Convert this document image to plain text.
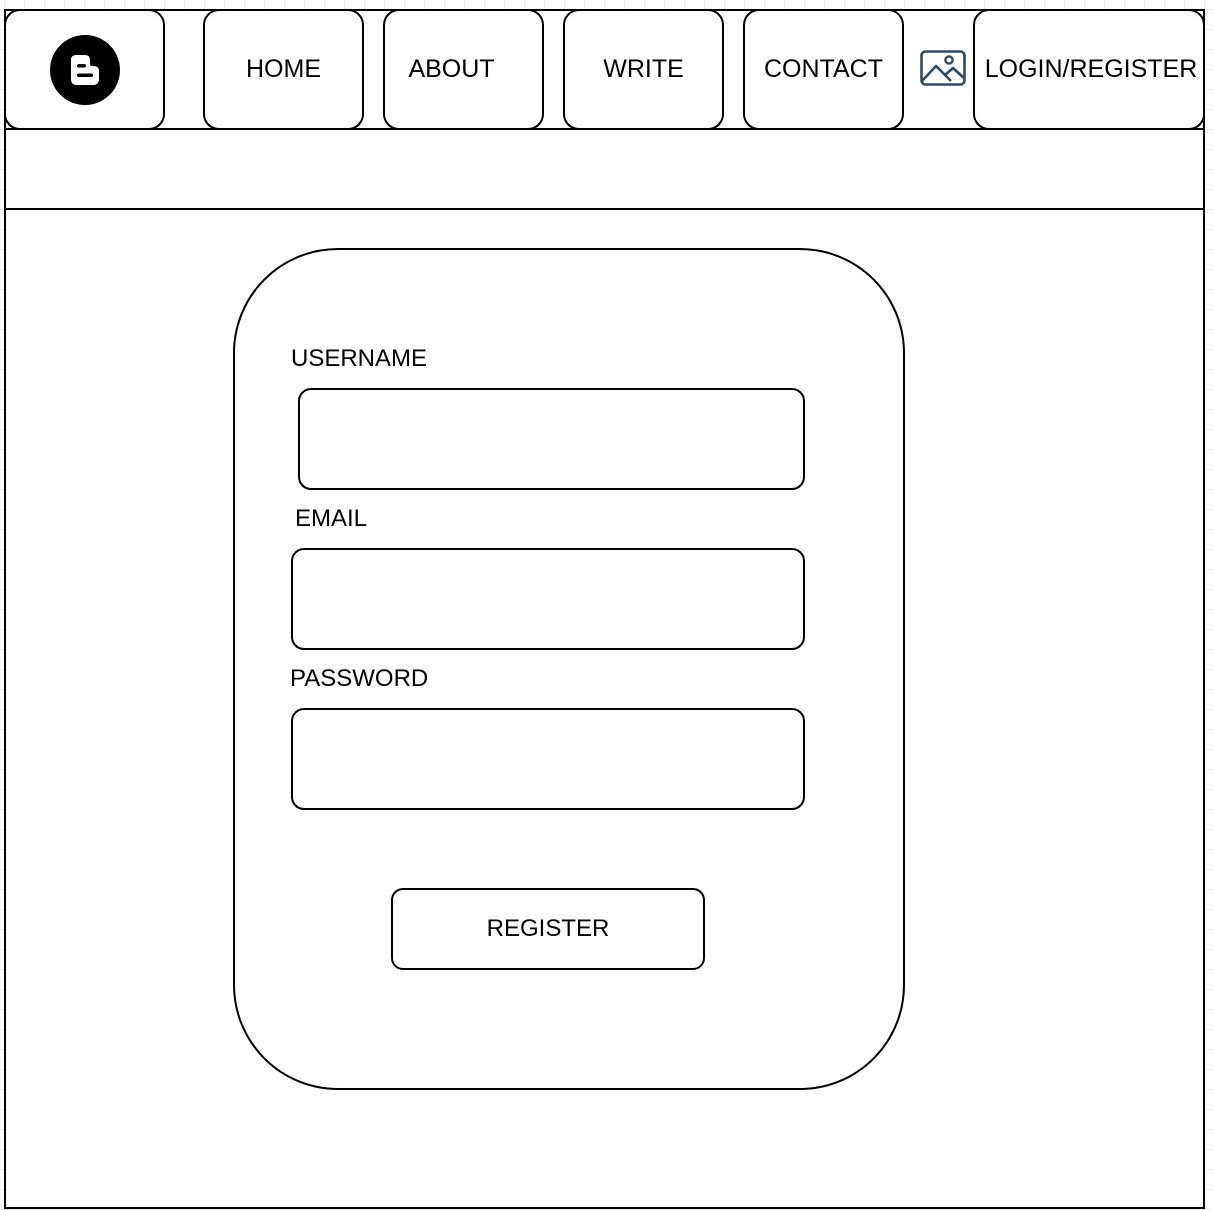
HOME	ABOUT	WRITE	CONTACT	LOGIN/REGISTER
USERNAME
EMAIL
PASSWORD
REGISTER
